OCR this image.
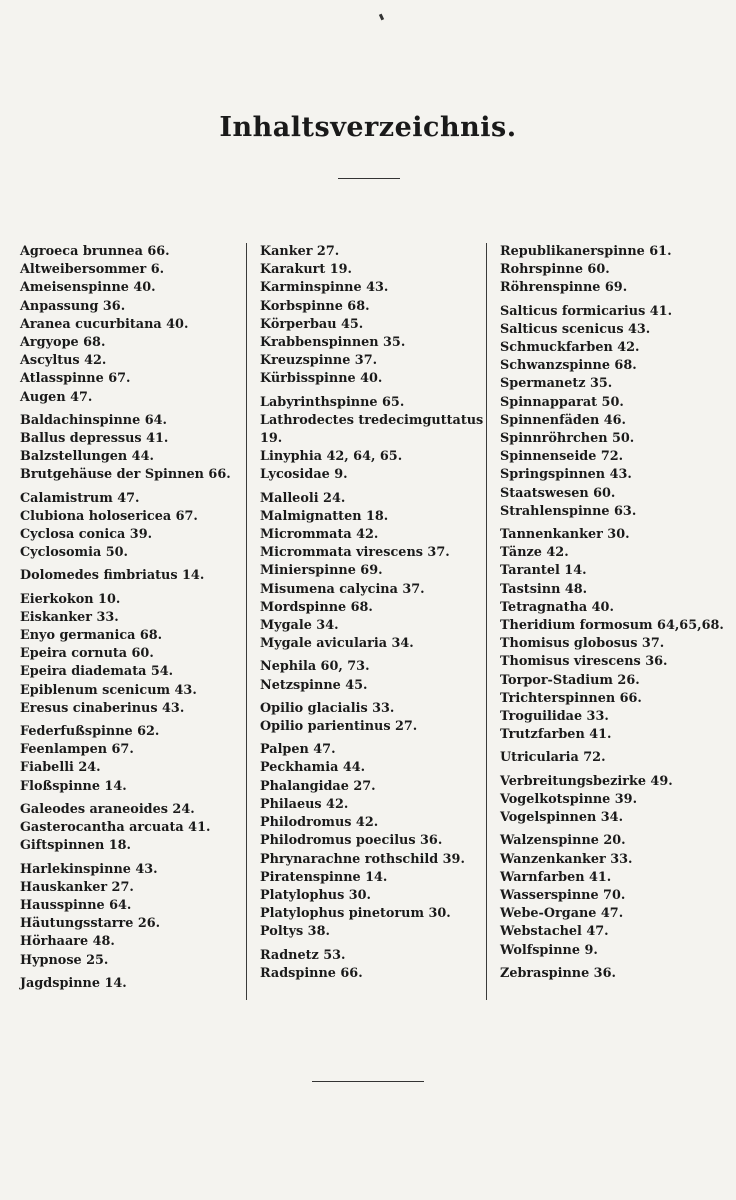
Inhaltsverzeichnis.
Agroeca brunnea 66.
Altweibersommer 6.
Ameisenspinne 40.
Anpassung 36.
Aranea cucurbitana 40.
Argyope 68.
Ascyltus 42.
Atlasspinne 67.
Augen 47.
Baldachinspinne 64.
Ballus depressus 41.
Balzstellungen 44.
Brutgehäuse der Spinnen 66.
Calamistrum 47.
Clubiona holosericea 67.
Cyclosa conica 39.
Cyclosomia 50.
Dolomedes fimbriatus 14.
Eierkokon 10.
Eiskanker 33.
Enyo germanica 68.
Epeira cornuta 60.
Epeira diademata 54.
Epiblenum scenicum 43.
Eresus cinaberinus 43.
Federfußspinne 62.
Feenlampen 67.
Fiabelli 24.
Floßspinne 14.
Galeodes araneoides 24.
Gasterocantha arcuata 41.
Giftspinnen 18.
Harlekinspinne 43.
Hauskanker 27.
Hausspinne 64.
Häutungsstarre 26.
Hörhaare 48.
Hypnose 25.
Jagdspinne 14.
Kanker 27.
Karakurt 19.
Karminspinne 43.
Korbspinne 68.
Körperbau 45.
Krabbenspinnen 35.
Kreuzspinne 37.
Kürbisspinne 40.
Labyrinthspinne 65.
Lathrodectes tredecimguttatus
19.
Linyphia 42, 64, 65.
Lycosidae 9.
Malleoli 24.
Malmignatten 18.
Micrommata 42.
Micrommata virescens 37.
Minierspinne 69.
Misumena calycina 37.
Mordspinne 68.
Mygale 34.
Mygale avicularia 34.
Nephila 60, 73.
Netzspinne 45.
Opilio glacialis 33.
Opilio parientinus 27.
Palpen 47.
Peckhamia 44.
Phalangidae 27.
Philaeus 42.
Philodromus 42.
Philodromus poecilus 36.
Phrynarachne rothschild 39.
Piratenspinne 14.
Platylophus 30.
Platylophus pinetorum 30.
Poltys 38.
Radnetz 53.
Radspinne 66.
Republikanerspinne 61.
Rohrspinne 60.
Röhrenspinne 69.
Salticus formicarius 41.
Salticus scenicus 43.
Schmuckfarben 42.
Schwanzspinne 68.
Spermanetz 35.
Spinnapparat 50.
Spinnenfäden 46.
Spinnröhrchen 50.
Spinnenseide 72.
Springspinnen 43.
Staatswesen 60.
Strahlenspinne 63.
Tannenkanker 30.
Tänze 42.
Tarantel 14.
Tastsinn 48.
Tetragnatha 40.
Theridium formosum 64,65,68.
Thomisus globosus 37.
Thomisus virescens 36.
Torpor-Stadium 26.
Trichterspinnen 66.
Troguilidae 33.
Trutzfarben 41.
Utricularia 72.
Verbreitungsbezirke 49.
Vogelkotspinne 39.
Vogelspinnen 34.
Walzenspinne 20.
Wanzenkanker 33.
Warnfarben 41.
Wasserspinne 70.
Webe-Organe 47.
Webstachel 47.
Wolfspinne 9.
Zebraspinne 36.
